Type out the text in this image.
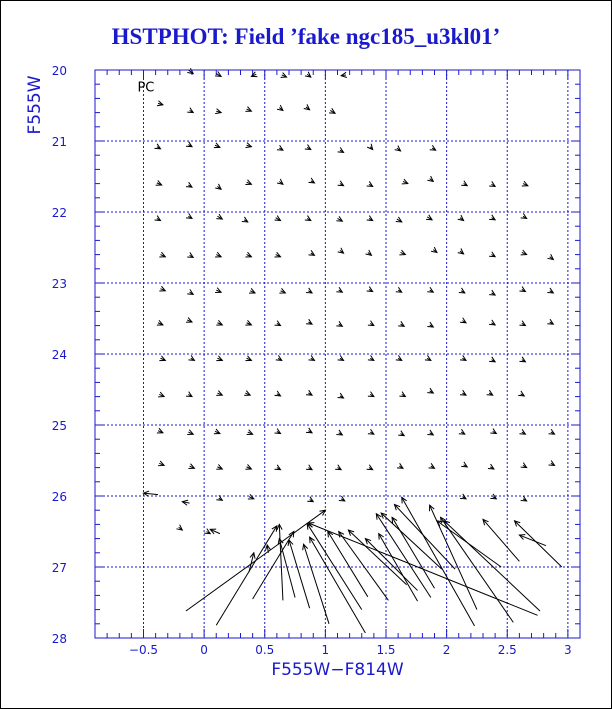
HSTPHOT: Field ’fake ngc185_u3kl01’
−0.5	0	0.5	1	1.5	2	2.5	3
20
21
22
23
24
25
26
27
28
F555W−F814W
F555W	PC
